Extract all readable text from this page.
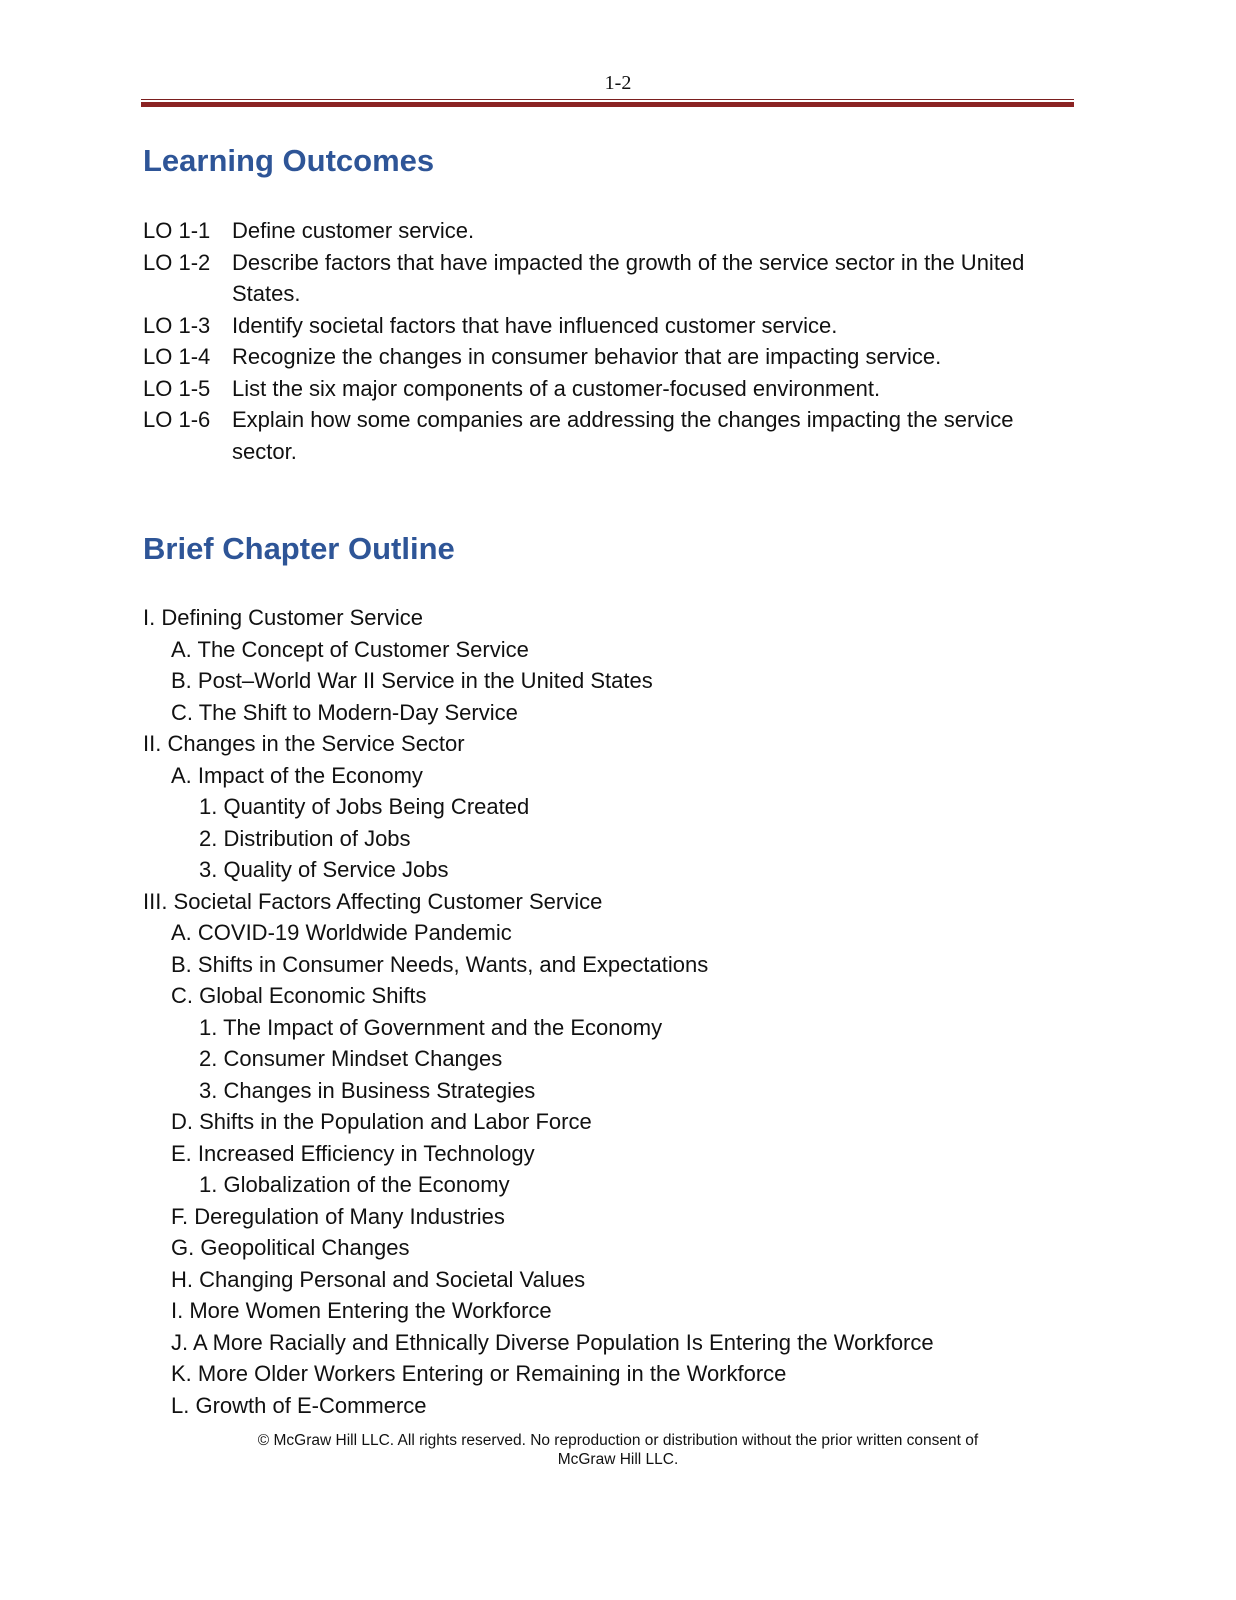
1-2
Learning Outcomes
LO 1-1 Define customer service.
LO 1-2 Describe factors that have impacted the growth of the service sector in the United States.
LO 1-3 Identify societal factors that have influenced customer service.
LO 1-4 Recognize the changes in consumer behavior that are impacting service.
LO 1-5 List the six major components of a customer-focused environment.
LO 1-6 Explain how some companies are addressing the changes impacting the service sector.
Brief Chapter Outline
I. Defining Customer Service
A. The Concept of Customer Service
B. Post–World War II Service in the United States
C. The Shift to Modern-Day Service
II. Changes in the Service Sector
A. Impact of the Economy
1. Quantity of Jobs Being Created
2. Distribution of Jobs
3. Quality of Service Jobs
III. Societal Factors Affecting Customer Service
A. COVID-19 Worldwide Pandemic
B. Shifts in Consumer Needs, Wants, and Expectations
C. Global Economic Shifts
1. The Impact of Government and the Economy
2. Consumer Mindset Changes
3. Changes in Business Strategies
D. Shifts in the Population and Labor Force
E. Increased Efficiency in Technology
1. Globalization of the Economy
F. Deregulation of Many Industries
G. Geopolitical Changes
H. Changing Personal and Societal Values
I. More Women Entering the Workforce
J. A More Racially and Ethnically Diverse Population Is Entering the Workforce
K. More Older Workers Entering or Remaining in the Workforce
L. Growth of E-Commerce
© McGraw Hill LLC. All rights reserved. No reproduction or distribution without the prior written consent of
McGraw Hill LLC.
